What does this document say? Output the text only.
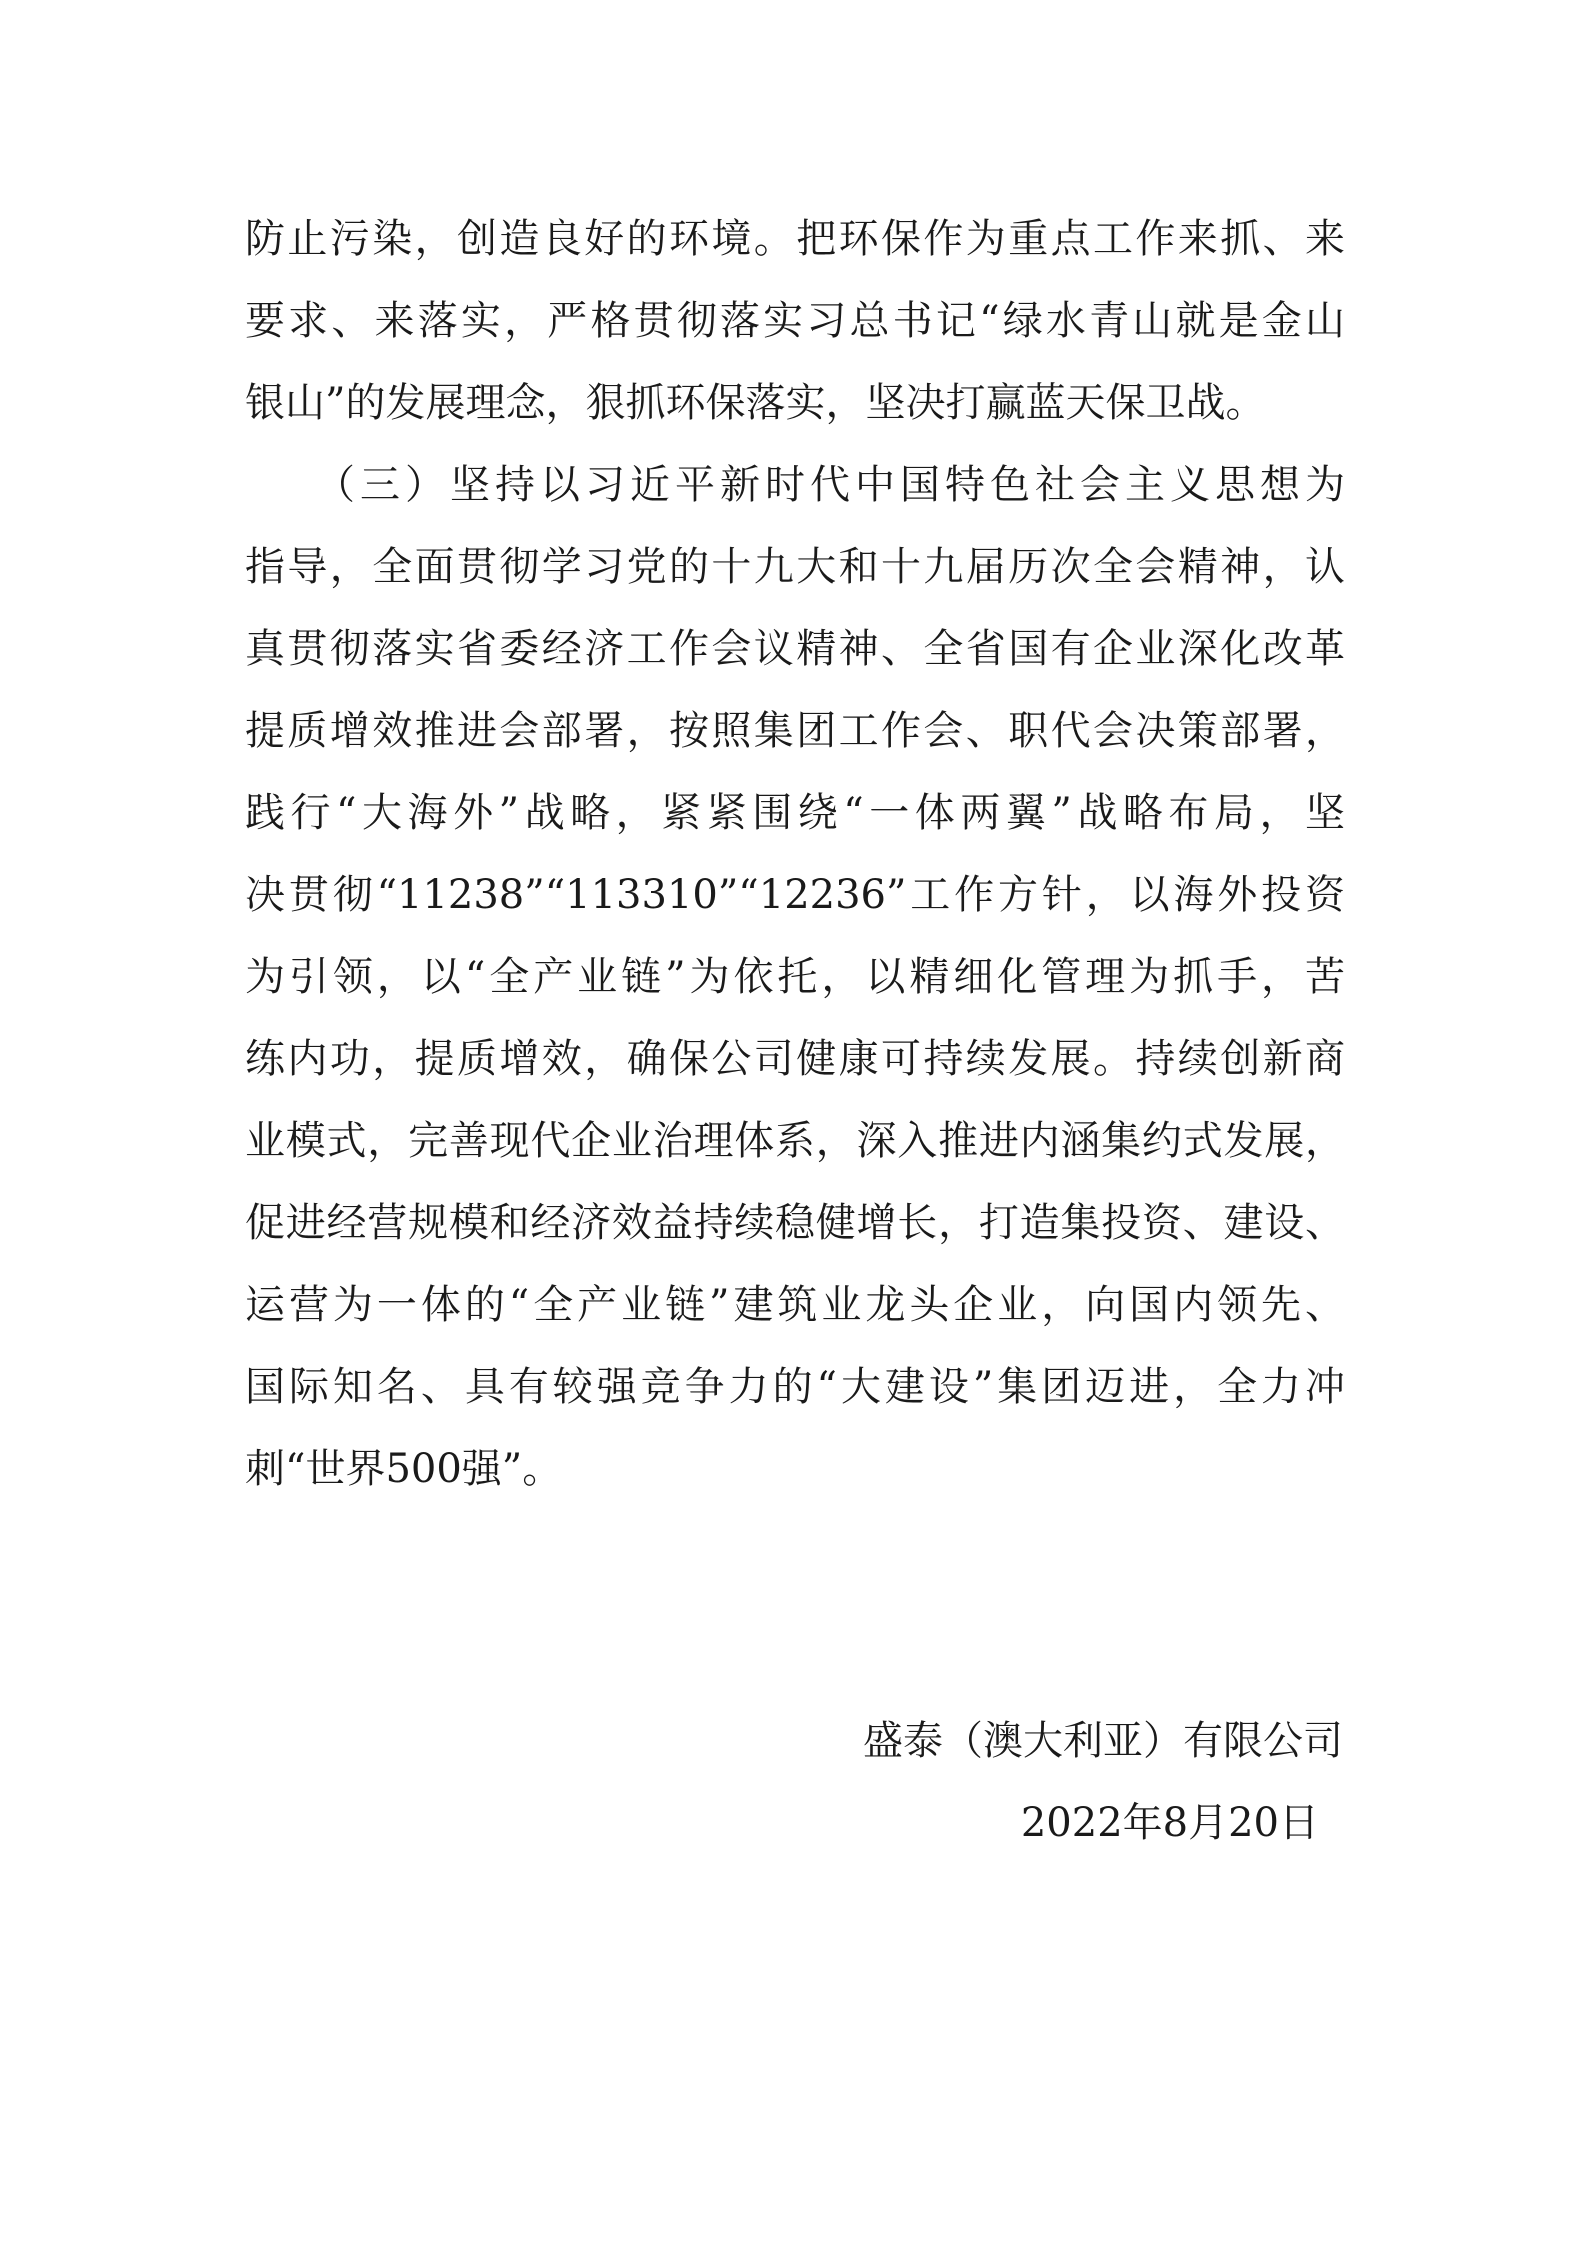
防止污染，创造良好的环境。把环保作为重点工作来抓、来
要求、来落实，严格贯彻落实习总书记“绿水青山就是金山
银山”的发展理念，狠抓环保落实，坚决打赢蓝天保卫战。
　　（三）坚持以习近平新时代中国特色社会主义思想为
指导，全面贯彻学习党的十九大和十九届历次全会精神，认
真贯彻落实省委经济工作会议精神、全省国有企业深化改革
提质增效推进会部署，按照集团工作会、职代会决策部署，
践行“大海外”战略，紧紧围绕“一体两翼”战略布局，坚
决贯彻“11238”“113310”“12236”工作方针，以海外投资
为引领，以“全产业链”为依托，以精细化管理为抓手，苦
练内功，提质增效，确保公司健康可持续发展。持续创新商
业模式，完善现代企业治理体系，深入推进内涵集约式发展，
促进经营规模和经济效益持续稳健增长，打造集投资、建设、
运营为一体的“全产业链”建筑业龙头企业，向国内领先、
国际知名、具有较强竞争力的“大建设”集团迈进，全力冲
刺“世界500强”。
盛泰（澳大利亚）有限公司
2022年8月20日
